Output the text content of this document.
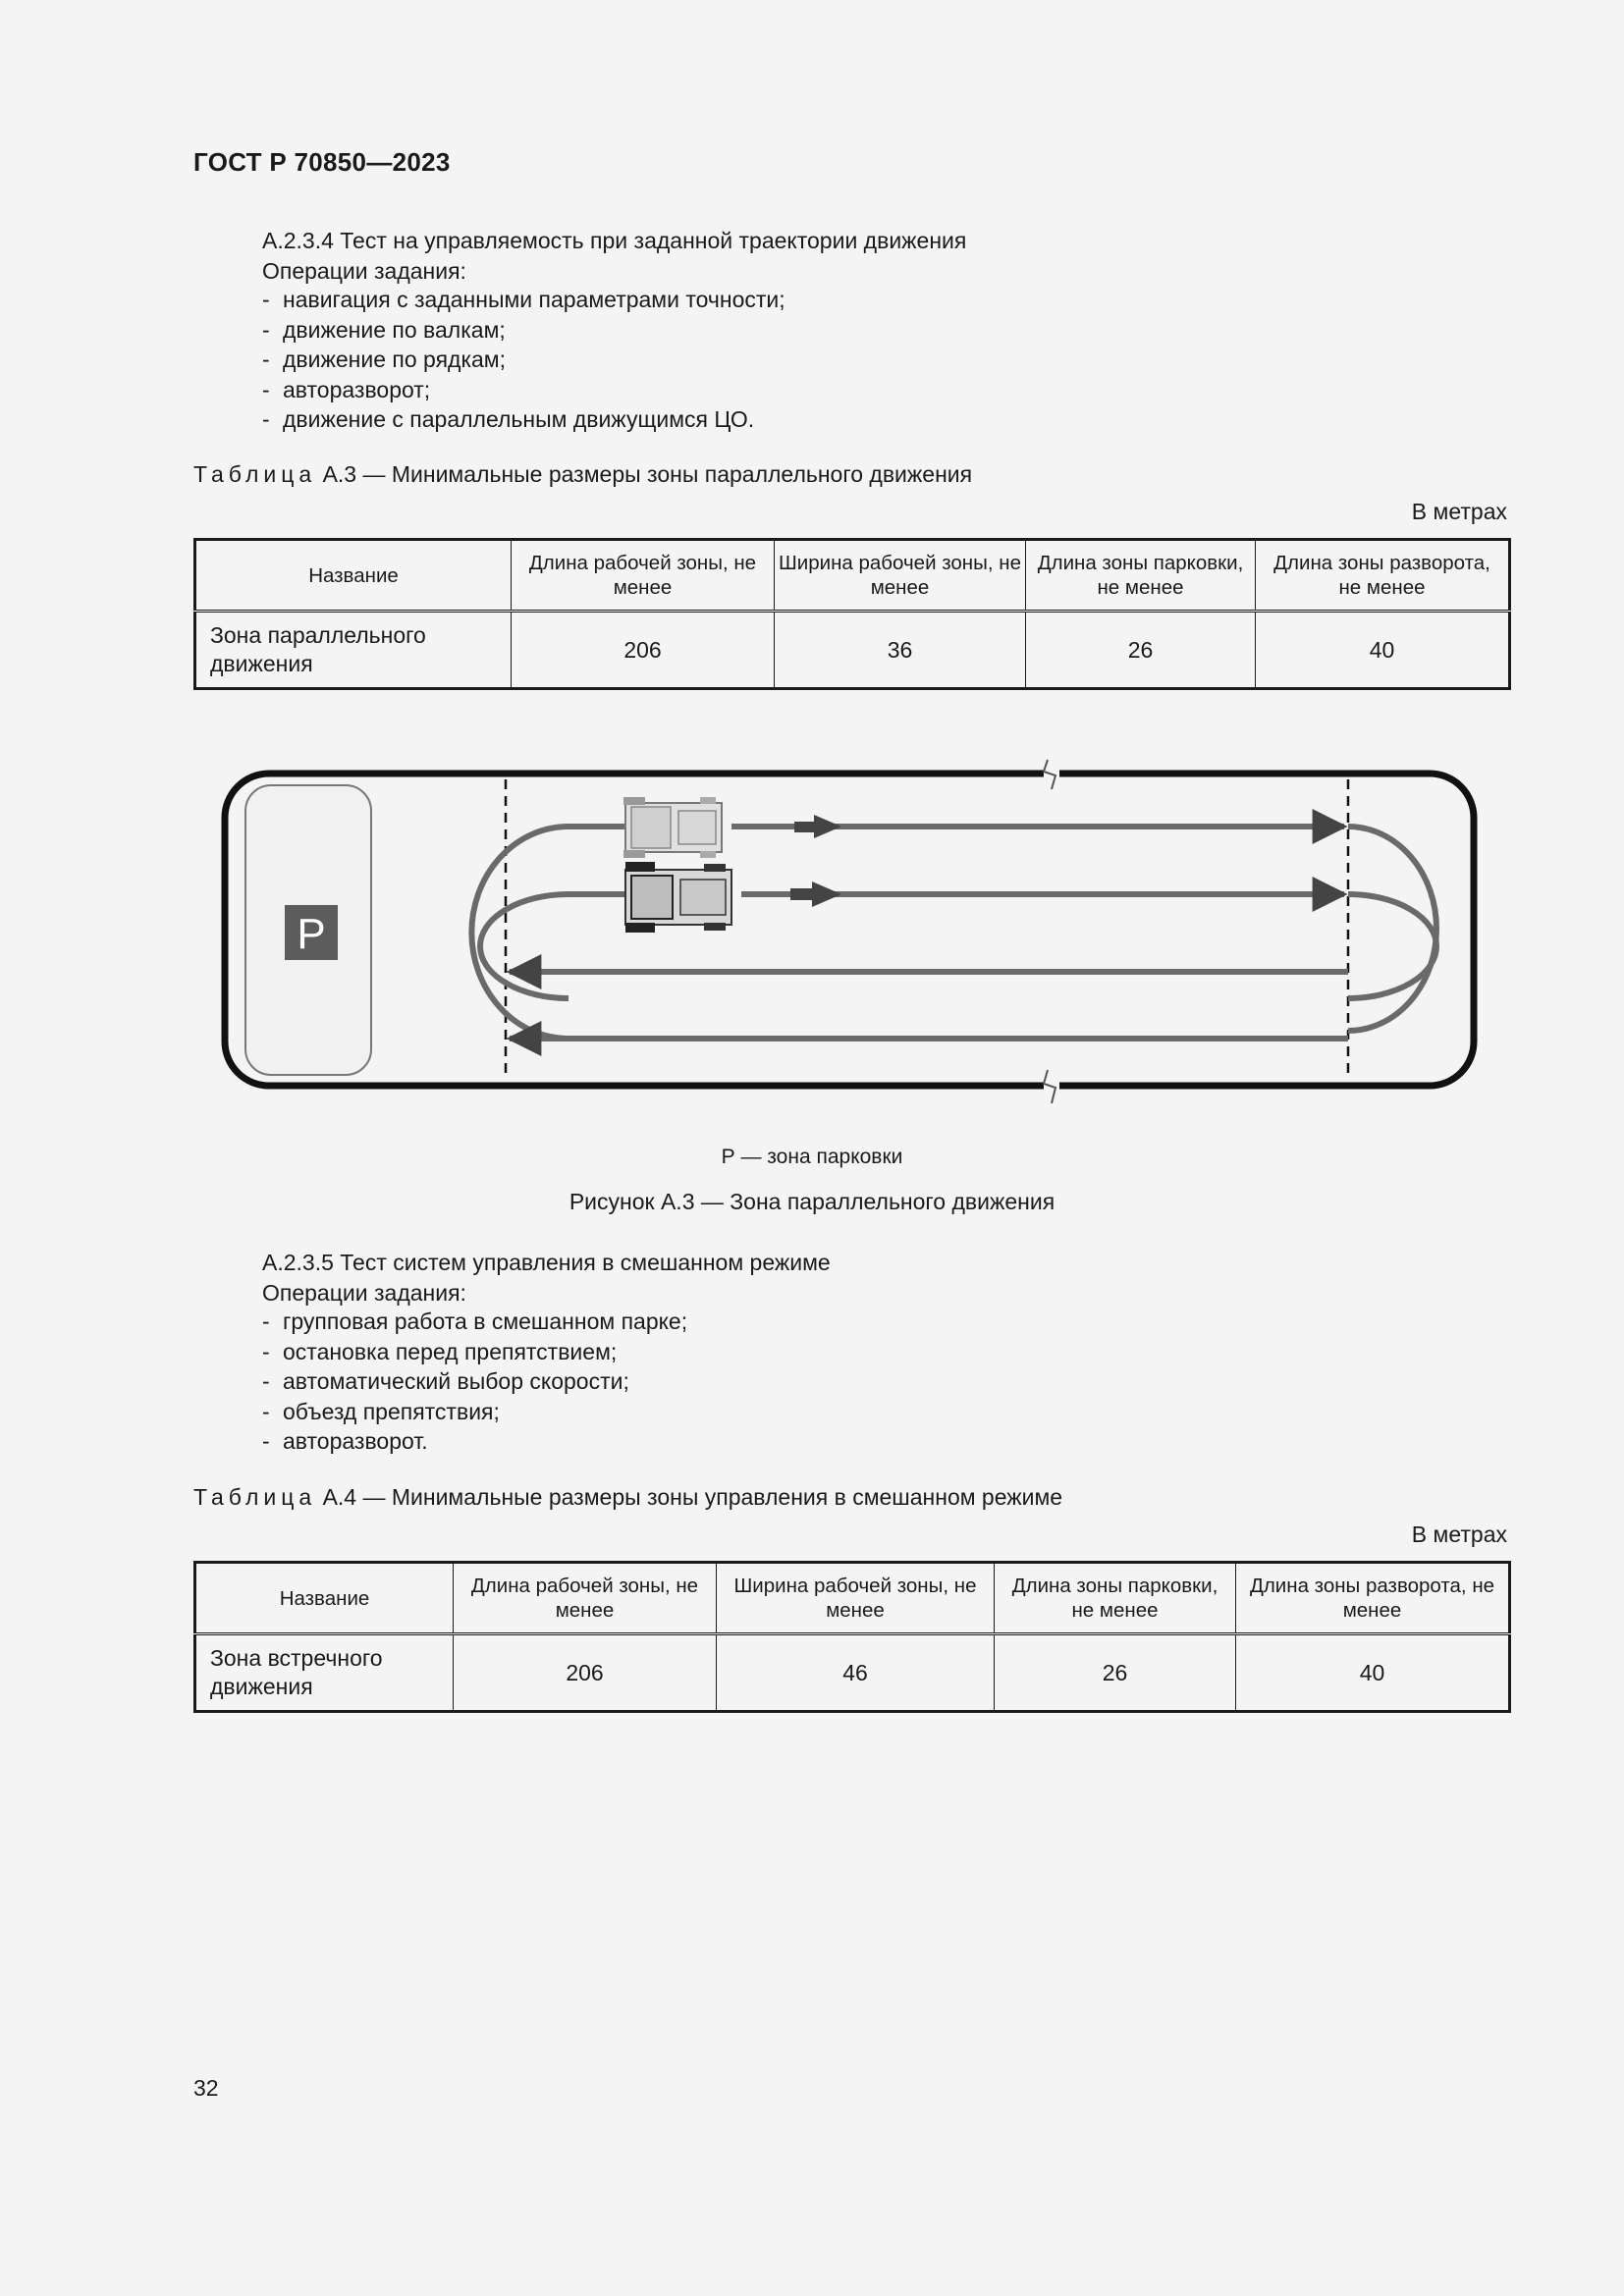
ГОСТ Р 70850—2023
А.2.3.4 Тест на управляемость при заданной траектории движения
Операции задания:
- навигация с заданными параметрами точности;
- движение по валкам;
- движение по рядкам;
- авторазворот;
- движение с параллельным движущимся ЦО.
Таблица А.3 — Минимальные размеры зоны параллельного движения
В метрах
Название	Длина рабочей зоны, не менее	Ширина рабочей зоны, не менее	Длина зоны парковки, не менее	Длина зоны разворота, не менее
Зона параллельного движения	206	36	26	40
P
Р — зона парковки
Рисунок А.3 — Зона параллельного движения
А.2.3.5 Тест систем управления в смешанном режиме
Операции задания:
- групповая работа в смешанном парке;
- остановка перед препятствием;
- автоматический выбор скорости;
- объезд препятствия;
- авторазворот.
Таблица А.4 — Минимальные размеры зоны управления в смешанном режиме
В метрах
Название	Длина рабочей зоны, не менее	Ширина рабочей зоны, не менее	Длина зоны парковки, не менее	Длина зоны разворота, не менее
Зона встречного движения	206	46	26	40
32
